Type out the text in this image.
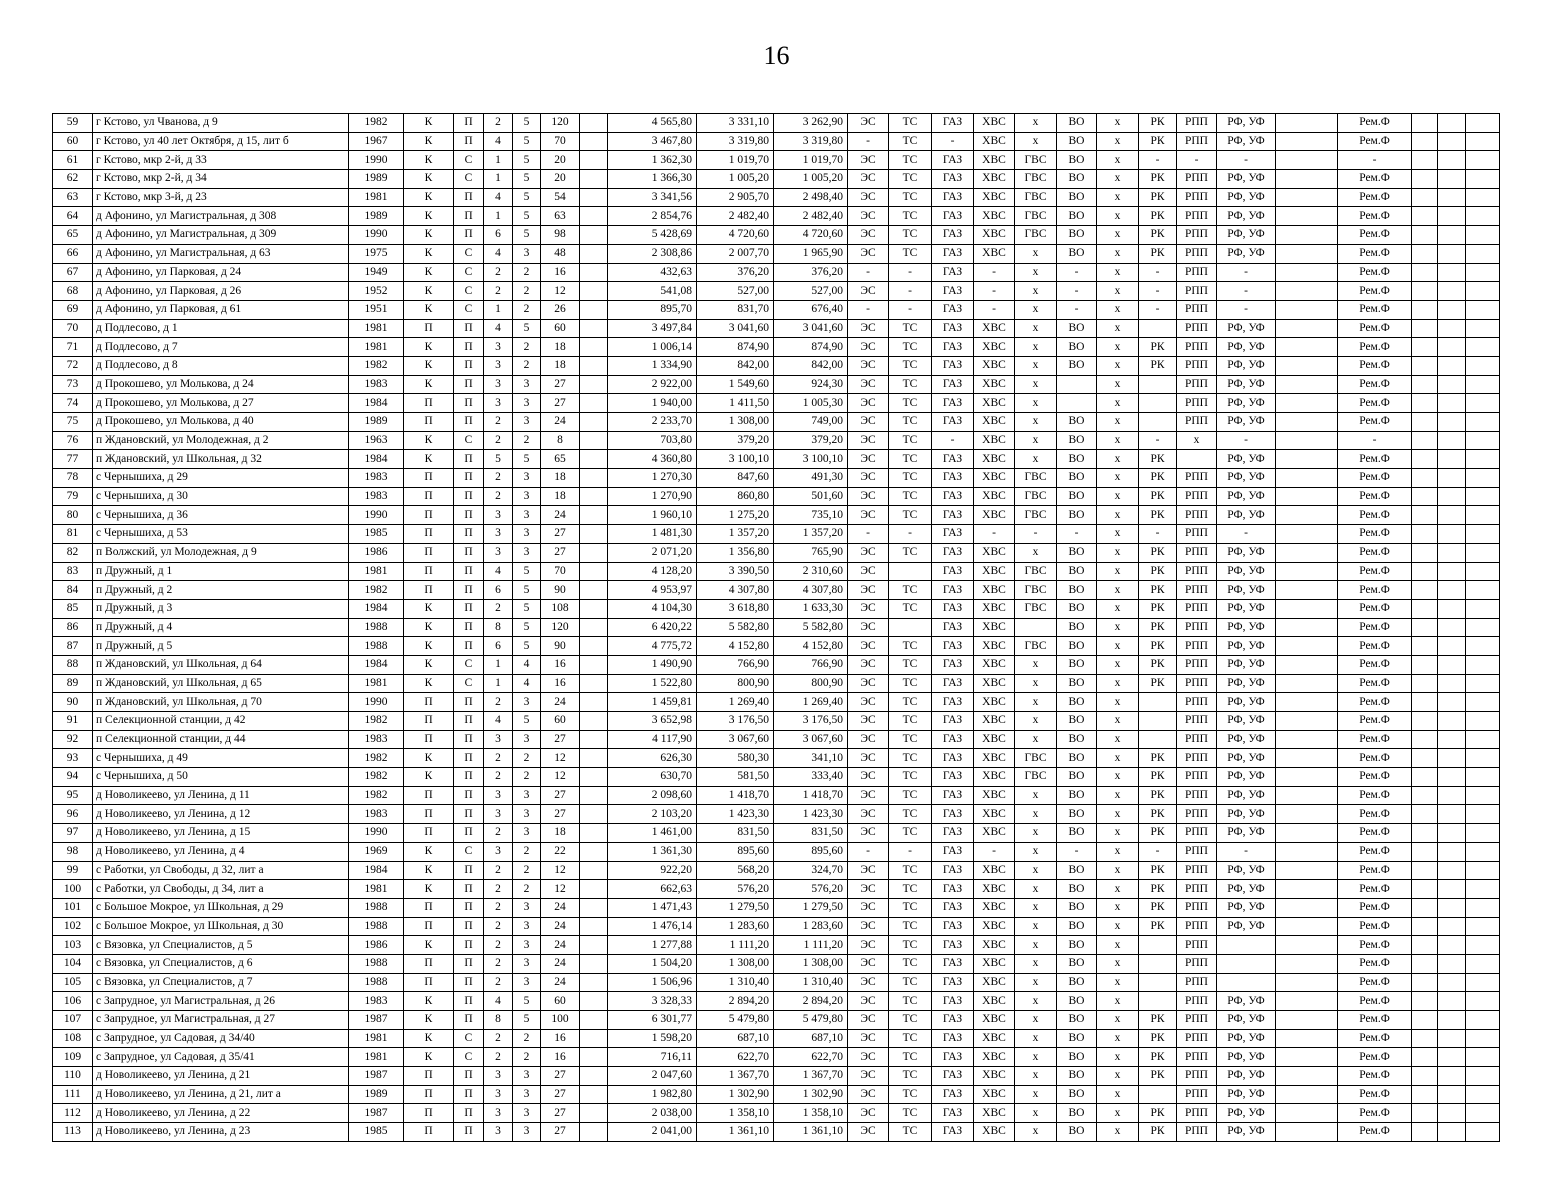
16
59	г Кстово, ул Чванова, д 9	1982	К	П	2	5	120		4 565,80	3 331,10	3 262,90	ЭС	ТС	ГАЗ	ХВС	х	ВО	х	РК	РПП	РФ, УФ		Рем.Ф			
60	г Кстово, ул 40 лет Октября, д 15, лит б	1967	К	П	4	5	70		3 467,80	3 319,80	3 319,80	-	ТС	-	ХВС	х	ВО	х	РК	РПП	РФ, УФ		Рем.Ф			
61	г Кстово, мкр 2-й, д 33	1990	К	С	1	5	20		1 362,30	1 019,70	1 019,70	ЭС	ТС	ГАЗ	ХВС	ГВС	ВО	х	-	-	-		-			
62	г Кстово, мкр 2-й, д 34	1989	К	С	1	5	20		1 366,30	1 005,20	1 005,20	ЭС	ТС	ГАЗ	ХВС	ГВС	ВО	х	РК	РПП	РФ, УФ		Рем.Ф			
63	г Кстово, мкр 3-й, д 23	1981	К	П	4	5	54		3 341,56	2 905,70	2 498,40	ЭС	ТС	ГАЗ	ХВС	ГВС	ВО	х	РК	РПП	РФ, УФ		Рем.Ф			
64	д Афонино, ул Магистральная, д 308	1989	К	П	1	5	63		2 854,76	2 482,40	2 482,40	ЭС	ТС	ГАЗ	ХВС	ГВС	ВО	х	РК	РПП	РФ, УФ		Рем.Ф			
65	д Афонино, ул Магистральная, д 309	1990	К	П	6	5	98		5 428,69	4 720,60	4 720,60	ЭС	ТС	ГАЗ	ХВС	ГВС	ВО	х	РК	РПП	РФ, УФ		Рем.Ф			
66	д Афонино, ул Магистральная, д 63	1975	К	С	4	3	48		2 308,86	2 007,70	1 965,90	ЭС	ТС	ГАЗ	ХВС	х	ВО	х	РК	РПП	РФ, УФ		Рем.Ф			
67	д Афонино, ул Парковая, д 24	1949	К	С	2	2	16		432,63	376,20	376,20	-	-	ГАЗ	-	х	-	х	-	РПП	-		Рем.Ф			
68	д Афонино, ул Парковая, д 26	1952	К	С	2	2	12		541,08	527,00	527,00	ЭС	-	ГАЗ	-	х	-	х	-	РПП	-		Рем.Ф			
69	д Афонино, ул Парковая, д 61	1951	К	С	1	2	26		895,70	831,70	676,40	-	-	ГАЗ	-	х	-	х	-	РПП	-		Рем.Ф			
70	д Подлесово, д 1	1981	П	П	4	5	60		3 497,84	3 041,60	3 041,60	ЭС	ТС	ГАЗ	ХВС	х	ВО	х		РПП	РФ, УФ		Рем.Ф			
71	д Подлесово, д 7	1981	К	П	3	2	18		1 006,14	874,90	874,90	ЭС	ТС	ГАЗ	ХВС	х	ВО	х	РК	РПП	РФ, УФ		Рем.Ф			
72	д Подлесово, д 8	1982	К	П	3	2	18		1 334,90	842,00	842,00	ЭС	ТС	ГАЗ	ХВС	х	ВО	х	РК	РПП	РФ, УФ		Рем.Ф			
73	д Прокошево, ул Молькова, д 24	1983	К	П	3	3	27		2 922,00	1 549,60	924,30	ЭС	ТС	ГАЗ	ХВС	х		х		РПП	РФ, УФ		Рем.Ф			
74	д Прокошево, ул Молькова, д 27	1984	П	П	3	3	27		1 940,00	1 411,50	1 005,30	ЭС	ТС	ГАЗ	ХВС	х		х		РПП	РФ, УФ		Рем.Ф			
75	д Прокошево, ул Молькова, д 40	1989	П	П	2	3	24		2 233,70	1 308,00	749,00	ЭС	ТС	ГАЗ	ХВС	х	ВО	х		РПП	РФ, УФ		Рем.Ф			
76	п Ждановский, ул Молодежная, д 2	1963	К	С	2	2	8		703,80	379,20	379,20	ЭС	ТС	-	ХВС	х	ВО	х	-	х	-		-			
77	п Ждановский, ул Школьная, д 32	1984	К	П	5	5	65		4 360,80	3 100,10	3 100,10	ЭС	ТС	ГАЗ	ХВС	х	ВО	х	РК		РФ, УФ		Рем.Ф			
78	с Чернышиха, д 29	1983	П	П	2	3	18		1 270,30	847,60	491,30	ЭС	ТС	ГАЗ	ХВС	ГВС	ВО	х	РК	РПП	РФ, УФ		Рем.Ф			
79	с Чернышиха, д 30	1983	П	П	2	3	18		1 270,90	860,80	501,60	ЭС	ТС	ГАЗ	ХВС	ГВС	ВО	х	РК	РПП	РФ, УФ		Рем.Ф			
80	с Чернышиха, д 36	1990	П	П	3	3	24		1 960,10	1 275,20	735,10	ЭС	ТС	ГАЗ	ХВС	ГВС	ВО	х	РК	РПП	РФ, УФ		Рем.Ф			
81	с Чернышиха, д 53	1985	П	П	3	3	27		1 481,30	1 357,20	1 357,20	-	-	ГАЗ	-	-	-	х	-	РПП	-		Рем.Ф			
82	п Волжский, ул Молодежная, д 9	1986	П	П	3	3	27		2 071,20	1 356,80	765,90	ЭС	ТС	ГАЗ	ХВС	х	ВО	х	РК	РПП	РФ, УФ		Рем.Ф			
83	п Дружный, д 1	1981	П	П	4	5	70		4 128,20	3 390,50	2 310,60	ЭС		ГАЗ	ХВС	ГВС	ВО	х	РК	РПП	РФ, УФ		Рем.Ф			
84	п Дружный, д 2	1982	П	П	6	5	90		4 953,97	4 307,80	4 307,80	ЭС	ТС	ГАЗ	ХВС	ГВС	ВО	х	РК	РПП	РФ, УФ		Рем.Ф			
85	п Дружный, д 3	1984	К	П	2	5	108		4 104,30	3 618,80	1 633,30	ЭС	ТС	ГАЗ	ХВС	ГВС	ВО	х	РК	РПП	РФ, УФ		Рем.Ф			
86	п Дружный, д 4	1988	К	П	8	5	120		6 420,22	5 582,80	5 582,80	ЭС		ГАЗ	ХВС		ВО	х	РК	РПП	РФ, УФ		Рем.Ф			
87	п Дружный, д 5	1988	К	П	6	5	90		4 775,72	4 152,80	4 152,80	ЭС	ТС	ГАЗ	ХВС	ГВС	ВО	х	РК	РПП	РФ, УФ		Рем.Ф			
88	п Ждановский, ул Школьная, д 64	1984	К	С	1	4	16		1 490,90	766,90	766,90	ЭС	ТС	ГАЗ	ХВС	х	ВО	х	РК	РПП	РФ, УФ		Рем.Ф			
89	п Ждановский, ул Школьная, д 65	1981	К	С	1	4	16		1 522,80	800,90	800,90	ЭС	ТС	ГАЗ	ХВС	х	ВО	х	РК	РПП	РФ, УФ		Рем.Ф			
90	п Ждановский, ул Школьная, д 70	1990	П	П	2	3	24		1 459,81	1 269,40	1 269,40	ЭС	ТС	ГАЗ	ХВС	х	ВО	х		РПП	РФ, УФ		Рем.Ф			
91	п Селекционной станции, д 42	1982	П	П	4	5	60		3 652,98	3 176,50	3 176,50	ЭС	ТС	ГАЗ	ХВС	х	ВО	х		РПП	РФ, УФ		Рем.Ф			
92	п Селекционной станции, д 44	1983	П	П	3	3	27		4 117,90	3 067,60	3 067,60	ЭС	ТС	ГАЗ	ХВС	х	ВО	х		РПП	РФ, УФ		Рем.Ф			
93	с Чернышиха, д 49	1982	К	П	2	2	12		626,30	580,30	341,10	ЭС	ТС	ГАЗ	ХВС	ГВС	ВО	х	РК	РПП	РФ, УФ		Рем.Ф			
94	с Чернышиха, д 50	1982	К	П	2	2	12		630,70	581,50	333,40	ЭС	ТС	ГАЗ	ХВС	ГВС	ВО	х	РК	РПП	РФ, УФ		Рем.Ф			
95	д Новоликеево, ул Ленина, д 11	1982	П	П	3	3	27		2 098,60	1 418,70	1 418,70	ЭС	ТС	ГАЗ	ХВС	х	ВО	х	РК	РПП	РФ, УФ		Рем.Ф			
96	д Новоликеево, ул Ленина, д 12	1983	П	П	3	3	27		2 103,20	1 423,30	1 423,30	ЭС	ТС	ГАЗ	ХВС	х	ВО	х	РК	РПП	РФ, УФ		Рем.Ф			
97	д Новоликеево, ул Ленина, д 15	1990	П	П	2	3	18		1 461,00	831,50	831,50	ЭС	ТС	ГАЗ	ХВС	х	ВО	х	РК	РПП	РФ, УФ		Рем.Ф			
98	д Новоликеево, ул Ленина, д 4	1969	К	С	3	2	22		1 361,30	895,60	895,60	-	-	ГАЗ	-	х	-	х	-	РПП	-		Рем.Ф			
99	с Работки, ул Свободы, д 32, лит а	1984	К	П	2	2	12		922,20	568,20	324,70	ЭС	ТС	ГАЗ	ХВС	х	ВО	х	РК	РПП	РФ, УФ		Рем.Ф			
100	с Работки, ул Свободы, д 34, лит а	1981	К	П	2	2	12		662,63	576,20	576,20	ЭС	ТС	ГАЗ	ХВС	х	ВО	х	РК	РПП	РФ, УФ		Рем.Ф			
101	с Большое Мокрое, ул Школьная, д 29	1988	П	П	2	3	24		1 471,43	1 279,50	1 279,50	ЭС	ТС	ГАЗ	ХВС	х	ВО	х	РК	РПП	РФ, УФ		Рем.Ф			
102	с Большое Мокрое, ул Школьная, д 30	1988	П	П	2	3	24		1 476,14	1 283,60	1 283,60	ЭС	ТС	ГАЗ	ХВС	х	ВО	х	РК	РПП	РФ, УФ		Рем.Ф			
103	с Вязовка, ул Специалистов, д 5	1986	К	П	2	3	24		1 277,88	1 111,20	1 111,20	ЭС	ТС	ГАЗ	ХВС	х	ВО	х		РПП			Рем.Ф			
104	с Вязовка, ул Специалистов, д 6	1988	П	П	2	3	24		1 504,20	1 308,00	1 308,00	ЭС	ТС	ГАЗ	ХВС	х	ВО	х		РПП			Рем.Ф			
105	с Вязовка, ул Специалистов, д 7	1988	П	П	2	3	24		1 506,96	1 310,40	1 310,40	ЭС	ТС	ГАЗ	ХВС	х	ВО	х		РПП			Рем.Ф			
106	с Запрудное, ул Магистральная, д 26	1983	К	П	4	5	60		3 328,33	2 894,20	2 894,20	ЭС	ТС	ГАЗ	ХВС	х	ВО	х		РПП	РФ, УФ		Рем.Ф			
107	с Запрудное, ул Магистральная, д 27	1987	К	П	8	5	100		6 301,77	5 479,80	5 479,80	ЭС	ТС	ГАЗ	ХВС	х	ВО	х	РК	РПП	РФ, УФ		Рем.Ф			
108	с Запрудное, ул Садовая, д 34/40	1981	К	С	2	2	16		1 598,20	687,10	687,10	ЭС	ТС	ГАЗ	ХВС	х	ВО	х	РК	РПП	РФ, УФ		Рем.Ф			
109	с Запрудное, ул Садовая, д 35/41	1981	К	С	2	2	16		716,11	622,70	622,70	ЭС	ТС	ГАЗ	ХВС	х	ВО	х	РК	РПП	РФ, УФ		Рем.Ф			
110	д Новоликеево, ул Ленина, д 21	1987	П	П	3	3	27		2 047,60	1 367,70	1 367,70	ЭС	ТС	ГАЗ	ХВС	х	ВО	х	РК	РПП	РФ, УФ		Рем.Ф			
111	д Новоликеево, ул Ленина, д 21, лит а	1989	П	П	3	3	27		1 982,80	1 302,90	1 302,90	ЭС	ТС	ГАЗ	ХВС	х	ВО	х		РПП	РФ, УФ		Рем.Ф			
112	д Новоликеево, ул Ленина, д 22	1987	П	П	3	3	27		2 038,00	1 358,10	1 358,10	ЭС	ТС	ГАЗ	ХВС	х	ВО	х	РК	РПП	РФ, УФ		Рем.Ф			
113	д Новоликеево, ул Ленина, д 23	1985	П	П	3	3	27		2 041,00	1 361,10	1 361,10	ЭС	ТС	ГАЗ	ХВС	х	ВО	х	РК	РПП	РФ, УФ		Рем.Ф			
